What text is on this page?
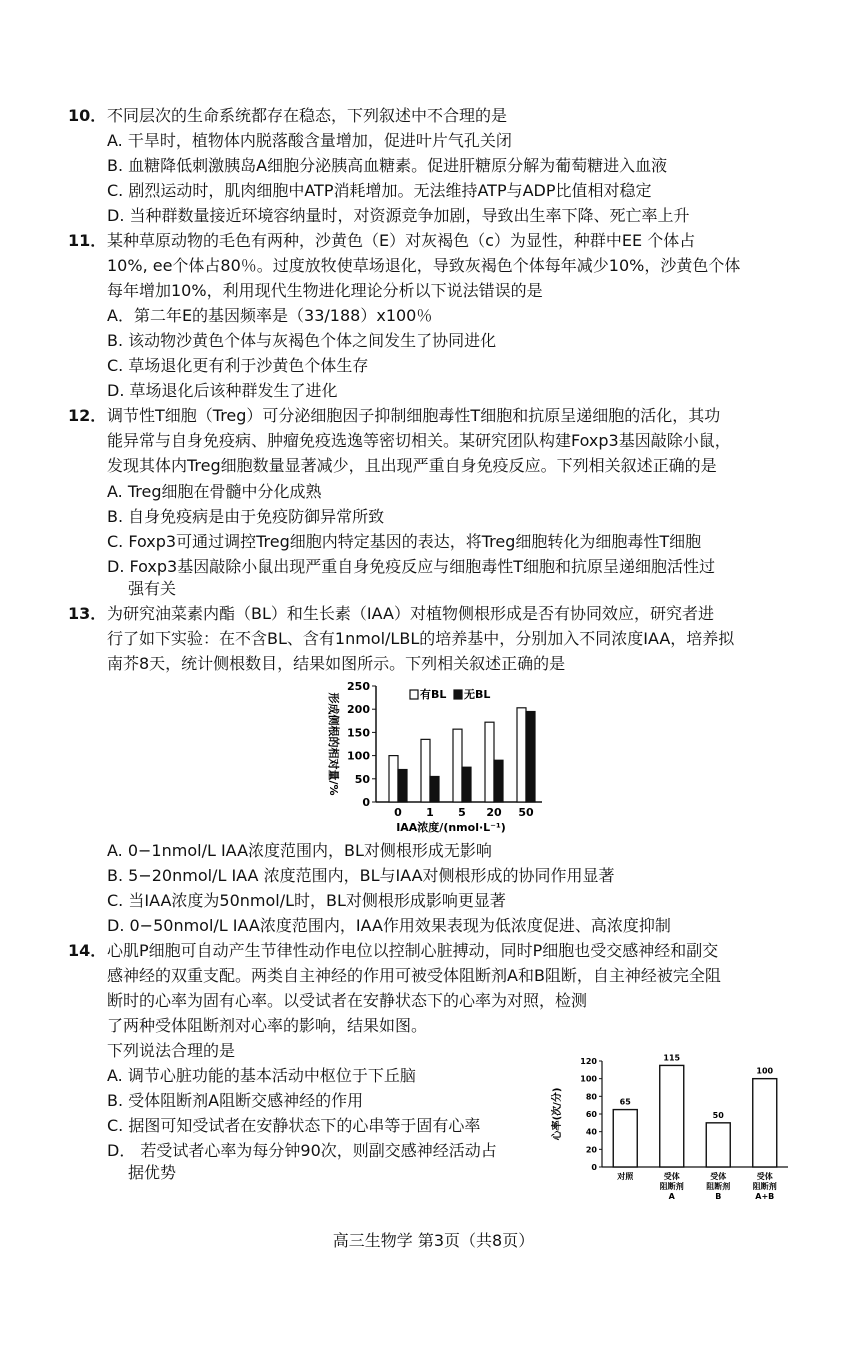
10． 不同层次的生命系统都存在稳态，下列叙述中不合理的是
A. 干旱时，植物体内脱落酸含量增加，促进叶片气孔关闭
B. 血糖降低刺激胰岛A细胞分泌胰高血糖素。促进肝糖原分解为葡萄糖进入血液
C. 剧烈运动时，肌肉细胞中ATP消耗增加。无法维持ATP与ADP比值相对稳定
D. 当种群数量接近环境容纳量时，对资源竞争加剧，导致出生率下降、死亡率上升
11． 某种草原动物的毛色有两种，沙黄色（E）对灰褐色（c）为显性，种群中EE 个体占
10%, ee个体占80％。过度放牧使草场退化，导致灰褐色个体每年减少10%，沙黄色个体
每年增加10%，利用现代生物进化理论分析以下说法错误的是
A．第二年E的基因频率是（33/188）x100％
B. 该动物沙黄色个体与灰褐色个体之间发生了协同进化
C. 草场退化更有利于沙黄色个体生存
D. 草场退化后该种群发生了进化
12． 调节性T细胞（Treg）可分泌细胞因子抑制细胞毒性T细胞和抗原呈递细胞的活化，其功
能异常与自身免疫病、肿瘤免疫选逸等密切相关。某研究团队构建Foxp3基因敲除小鼠，
发现其体内Treg细胞数量显著减少，且出现严重自身免疫反应。下列相关叙述正确的是
A. Treg细胞在骨髓中分化成熟
B. 自身免疫病是由于免疫防御异常所致
C. Foxp3可通过调控Treg细胞内特定基因的表达，将Treg细胞转化为细胞毒性T细胞
D. Foxp3基因敲除小鼠出现严重自身免疫反应与细胞毒性T细胞和抗原呈递细胞活性过
强有关
13． 为研究油菜素内酯（BL）和生长素（IAA）对植物侧根形成是否有协同效应，研究者进
行了如下实验：在不含BL、含有1nmol/LBL的培养基中，分别加入不同浓度IAA，培养拟
南芥8天，统计侧根数目，结果如图所示。下列相关叙述正确的是
0
50
100
150
200
250
形成侧根的相对量/%
0 1 5 20 50
IAA浓度/(nmol·L⁻¹)
有BL 无BL
A. 0−1nmol/L IAA浓度范围内，BL对侧根形成无影响
B. 5−20nmol/L IAA 浓度范围内，BL与IAA对侧根形成的协同作用显著
C. 当IAA浓度为50nmol/L时，BL对侧根形成影响更显著
D. 0−50nmol/L IAA浓度范围内，IAA作用效果表现为低浓度促进、高浓度抑制
14． 心肌P细胞可自动产生节律性动作电位以控制心脏搏动，同时P细胞也受交感神经和副交
感神经的双重支配。两类自主神经的作用可被受体阻断剂A和B阻断，自主神经被完全阻
断时的心率为固有心率。以受试者在安静状态下的心率为对照，检测
了两种受体阻断剂对心率的影响，结果如图。
下列说法合理的是
A. 调节心脏功能的基本活动中枢位于下丘脑
B. 受体阻断剂A阻断交感神经的作用
C. 据图可知受试者在安静状态下的心串等于固有心率
D． 若受试者心率为每分钟90次，则副交感神经活动占
据优势	0
20
40
60
80
100
120
心率(次/分)	65
对照
115
受体
阻断剂
A
50
受体
阻断剂
B
100
受体
阻断剂
A+B
高三生物学 第3页（共8页）
